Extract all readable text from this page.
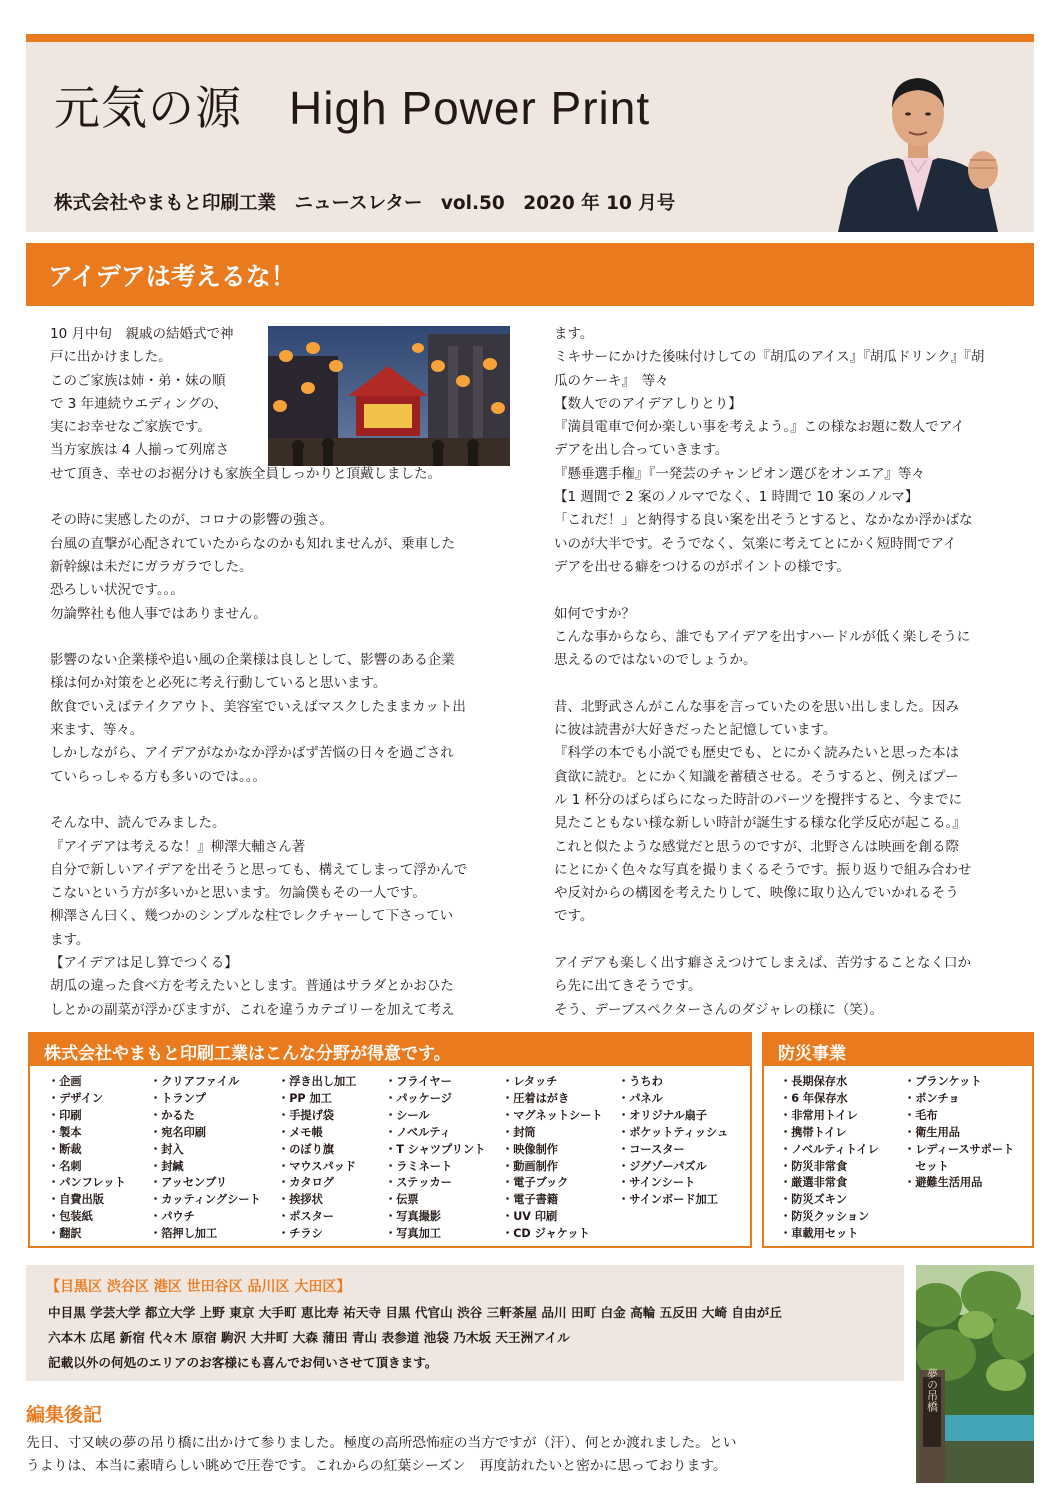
元気の源　High Power Print
株式会社やまもと印刷工業　ニュースレター　vol.50　2020 年 10 月号
アイデアは考えるな！

10 月中旬　親戚の結婚式で神

戸に出かけました。

このご家族は姉・弟・妹の順

で 3 年連続ウエディングの、

実にお幸せなご家族です。

当方家族は 4 人揃って列席さ

せて頂き、幸せのお裾分けも家族全員しっかりと頂戴しました。

その時に実感したのが、コロナの影響の強さ。

台風の直撃が心配されていたからなのかも知れませんが、乗車した

新幹線は未だにガラガラでした。

恐ろしい状況です。。。

勿論弊社も他人事ではありません。

影響のない企業様や追い風の企業様は良しとして、影響のある企業

様は何か対策をと必死に考え行動していると思います。

飲食でいえばテイクアウト、美容室でいえばマスクしたままカット出

来ます、等々。

しかしながら、アイデアがなかなか浮かばず苦悩の日々を過ごされ

ていらっしゃる方も多いのでは。。。

そんな中、読んでみました。

『アイデアは考えるな！』柳澤大輔さん著

自分で新しいアイデアを出そうと思っても、構えてしまって浮かんで

こないという方が多いかと思います。勿論僕もその一人です。

柳澤さん曰く、幾つかのシンプルな柱でレクチャーして下さってい

ます。

【アイデアは足し算でつくる】

胡瓜の違った食べ方を考えたいとします。普通はサラダとかおひた

しとかの副菜が浮かびますが、これを違うカテゴリーを加えて考え

ます。

ミキサーにかけた後味付けしての『胡瓜のアイス』『胡瓜ドリンク』『胡

瓜のケーキ』　等々

【数人でのアイデアしりとり】

『満員電車で何か楽しい事を考えよう。』この様なお題に数人でアイ

デアを出し合っていきます。

『懸垂選手権』『一発芸のチャンピオン選びをオンエア』等々

【1 週間で 2 案のノルマでなく、1 時間で 10 案のノルマ】

「これだ！」と納得する良い案を出そうとすると、なかなか浮かばな

いのが大半です。そうでなく、気楽に考えてとにかく短時間でアイ

デアを出せる癖をつけるのがポイントの様です。

如何ですか？

こんな事からなら、誰でもアイデアを出すハードルが低く楽しそうに

思えるのではないのでしょうか。

昔、北野武さんがこんな事を言っていたのを思い出しました。因み

に彼は読書が大好きだったと記憶しています。

『科学の本でも小説でも歴史でも、とにかく読みたいと思った本は

貪欲に読む。とにかく知識を蓄積させる。そうすると、例えばプー

ル 1 杯分のばらばらになった時計のパーツを攪拌すると、今までに

見たこともない様な新しい時計が誕生する様な化学反応が起こる。』

これと似たような感覚だと思うのですが、北野さんは映画を創る際

にとにかく色々な写真を撮りまくるそうです。振り返りで組み合わせ

や反対からの構図を考えたりして、映像に取り込んでいかれるそう

です。

アイデアも楽しく出す癖さえつけてしまえば、苦労することなく口か

ら先に出てきそうです。

そう、デーブスペクターさんのダジャレの様に（笑）。

株式会社やまもと印刷工業はこんな分野が得意です。
・企画
・デザイン
・印刷
・製本
・断裁
・名刺
・パンフレット
・自費出版
・包装紙
・翻訳
・クリアファイル
・トランプ
・かるた
・宛名印刷
・封入
・封緘
・アッセンブリ
・カッティングシート
・パウチ
・箔押し加工
・浮き出し加工
・PP 加工
・手提げ袋
・メモ帳
・のぼり旗
・マウスパッド
・カタログ
・挨拶状
・ポスター
・チラシ
・フライヤー
・パッケージ
・シール
・ノベルティ
・T シャツプリント
・ラミネート
・ステッカー
・伝票
・写真撮影
・写真加工
・レタッチ
・圧着はがき
・マグネットシート
・封筒
・映像制作
・動画制作
・電子ブック
・電子書籍
・UV 印刷
・CD ジャケット
・うちわ
・パネル
・オリジナル扇子
・ポケットティッシュ
・コースター
・ジグゾーパズル
・サインシート
・サインボード加工
防災事業
・長期保存水
・6 年保存水
・非常用トイレ
・携帯トイレ
・ノベルティトイレ
・防災非常食
・厳選非常食
・防災ズキン
・防災クッション
・車載用セット
・ブランケット
・ポンチョ
・毛布
・衛生用品
・レディースサポート
　セット
・避難生活用品
【目黒区 渋谷区 港区 世田谷区 品川区 大田区】
中目黒 学芸大学 都立大学 上野 東京 大手町 恵比寿 祐天寺 目黒 代官山 渋谷 三軒茶屋 品川 田町 白金 高輪 五反田 大崎 自由が丘
六本木 広尾 新宿 代々木 原宿 駒沢 大井町 大森 蒲田 青山 表参道 池袋 乃木坂 天王洲アイル
記載以外の何処のエリアのお客様にも喜んでお伺いさせて頂きます。
夢の吊橋
編集後記

先日、寸又峡の夢の吊り橋に出かけて参りました。極度の高所恐怖症の当方ですが（汗）、何とか渡れました。とい

うよりは、本当に素晴らしい眺めで圧巻です。これからの紅葉シーズン　再度訪れたいと密かに思っております。
